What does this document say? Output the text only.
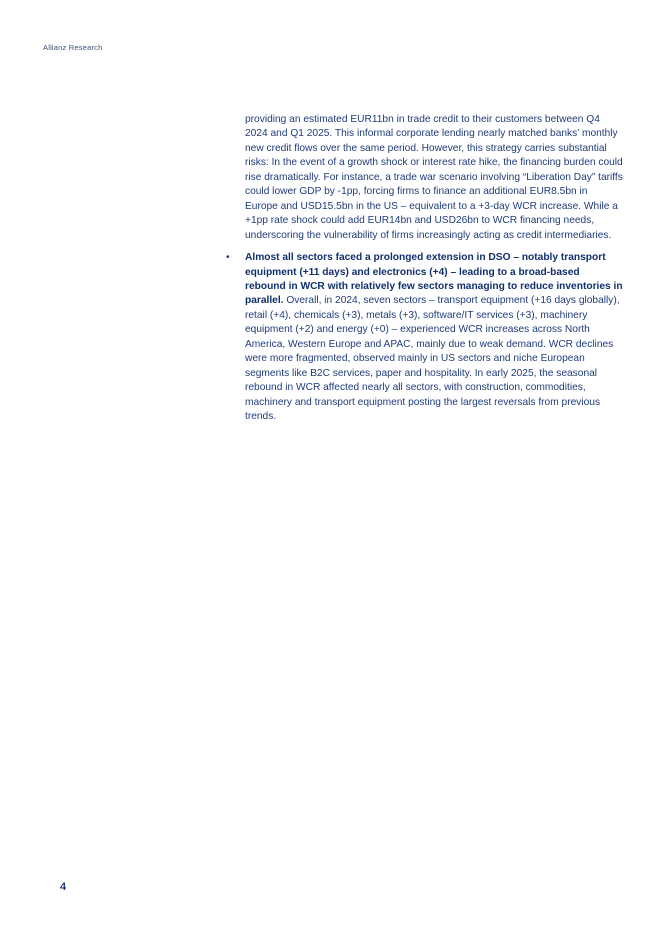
Allianz Research

providing an estimated EUR11bn in trade credit to their customers between Q4 2024 and Q1 2025. This informal corporate lending nearly matched banks’ monthly new credit flows over the same period. However, this strategy carries substantial risks: In the event of a growth shock or interest rate hike, the financing burden could rise dramatically. For instance, a trade war scenario involving “Liberation Day” tariffs could lower GDP by -1pp, forcing firms to finance an additional EUR8.5bn in Europe and USD15.5bn in the US – equivalent to a +3-day WCR increase. While a +1pp rate shock could add EUR14bn and USD26bn to WCR financing needs, underscoring the vulnerability of firms increasingly acting as credit intermediaries.

• Almost all sectors faced a prolonged extension in DSO – notably transport equipment (+11 days) and electronics (+4) – leading to a broad-based rebound in WCR with relatively few sectors managing to reduce inventories in parallel. Overall, in 2024, seven sectors – transport equipment (+16 days globally), retail (+4), chemicals (+3), metals (+3), software/IT services (+3), machinery equipment (+2) and energy (+0) – experienced WCR increases across North America, Western Europe and APAC, mainly due to weak demand. WCR declines were more fragmented, observed mainly in US sectors and niche European segments like B2C services, paper and hospitality. In early 2025, the seasonal rebound in WCR affected nearly all sectors, with construction, commodities, machinery and transport equipment posting the largest reversals from previous trends.

4
